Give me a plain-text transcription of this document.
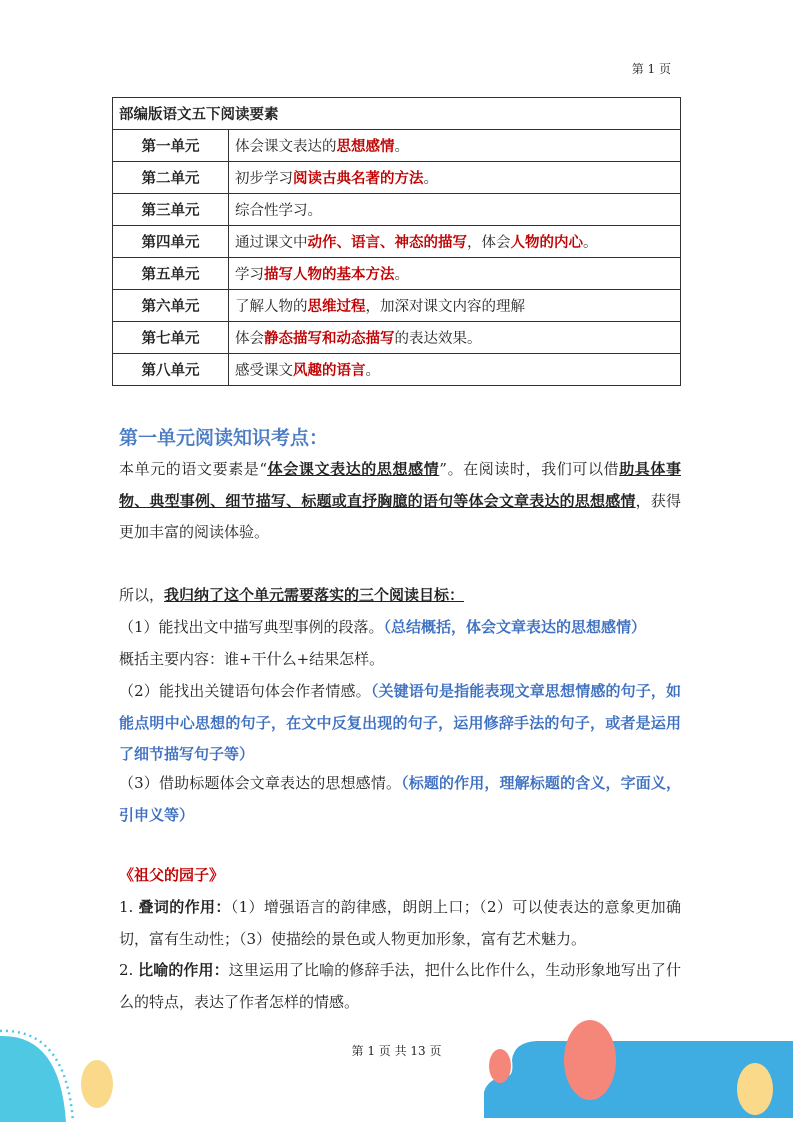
第 1 页
部编版语文五下阅读要素	
第一单元	体会课文表达的思想感情。
第二单元	初步学习阅读古典名著的方法。
第三单元	综合性学习。
第四单元	通过课文中动作、语言、神态的描写，体会人物的内心。
第五单元	学习描写人物的基本方法。
第六单元	了解人物的思维过程，加深对课文内容的理解
第七单元	体会静态描写和动态描写的表达效果。
第八单元	感受课文风趣的语言。
第一单元阅读知识考点：
本单元的语文要素是“体会课文表达的思想感情”。在阅读时，我们可以借助具体事物、典型事例、细节描写、标题或直抒胸臆的语句等体会文章表达的思想感情，获得更加丰富的阅读体验。
所以，我归纳了这个单元需要落实的三个阅读目标：
（1）能找出文中描写典型事例的段落。（总结概括，体会文章表达的思想感情）
概括主要内容：谁+干什么+结果怎样。
（2）能找出关键语句体会作者情感。（关键语句是指能表现文章思想情感的句子，如能点明中心思想的句子，在文中反复出现的句子，运用修辞手法的句子，或者是运用了细节描写句子等）
（3）借助标题体会文章表达的思想感情。（标题的作用，理解标题的含义，字面义，引申义等）
《祖父的园子》
1. 叠词的作用：（1）增强语言的韵律感，朗朗上口；（2）可以使表达的意象更加确切，富有生动性；（3）使描绘的景色或人物更加形象，富有艺术魅力。
2. 比喻的作用：这里运用了比喻的修辞手法，把什么比作什么，生动形象地写出了什么的特点，表达了作者怎样的情感。
第 1 页 共 13 页
